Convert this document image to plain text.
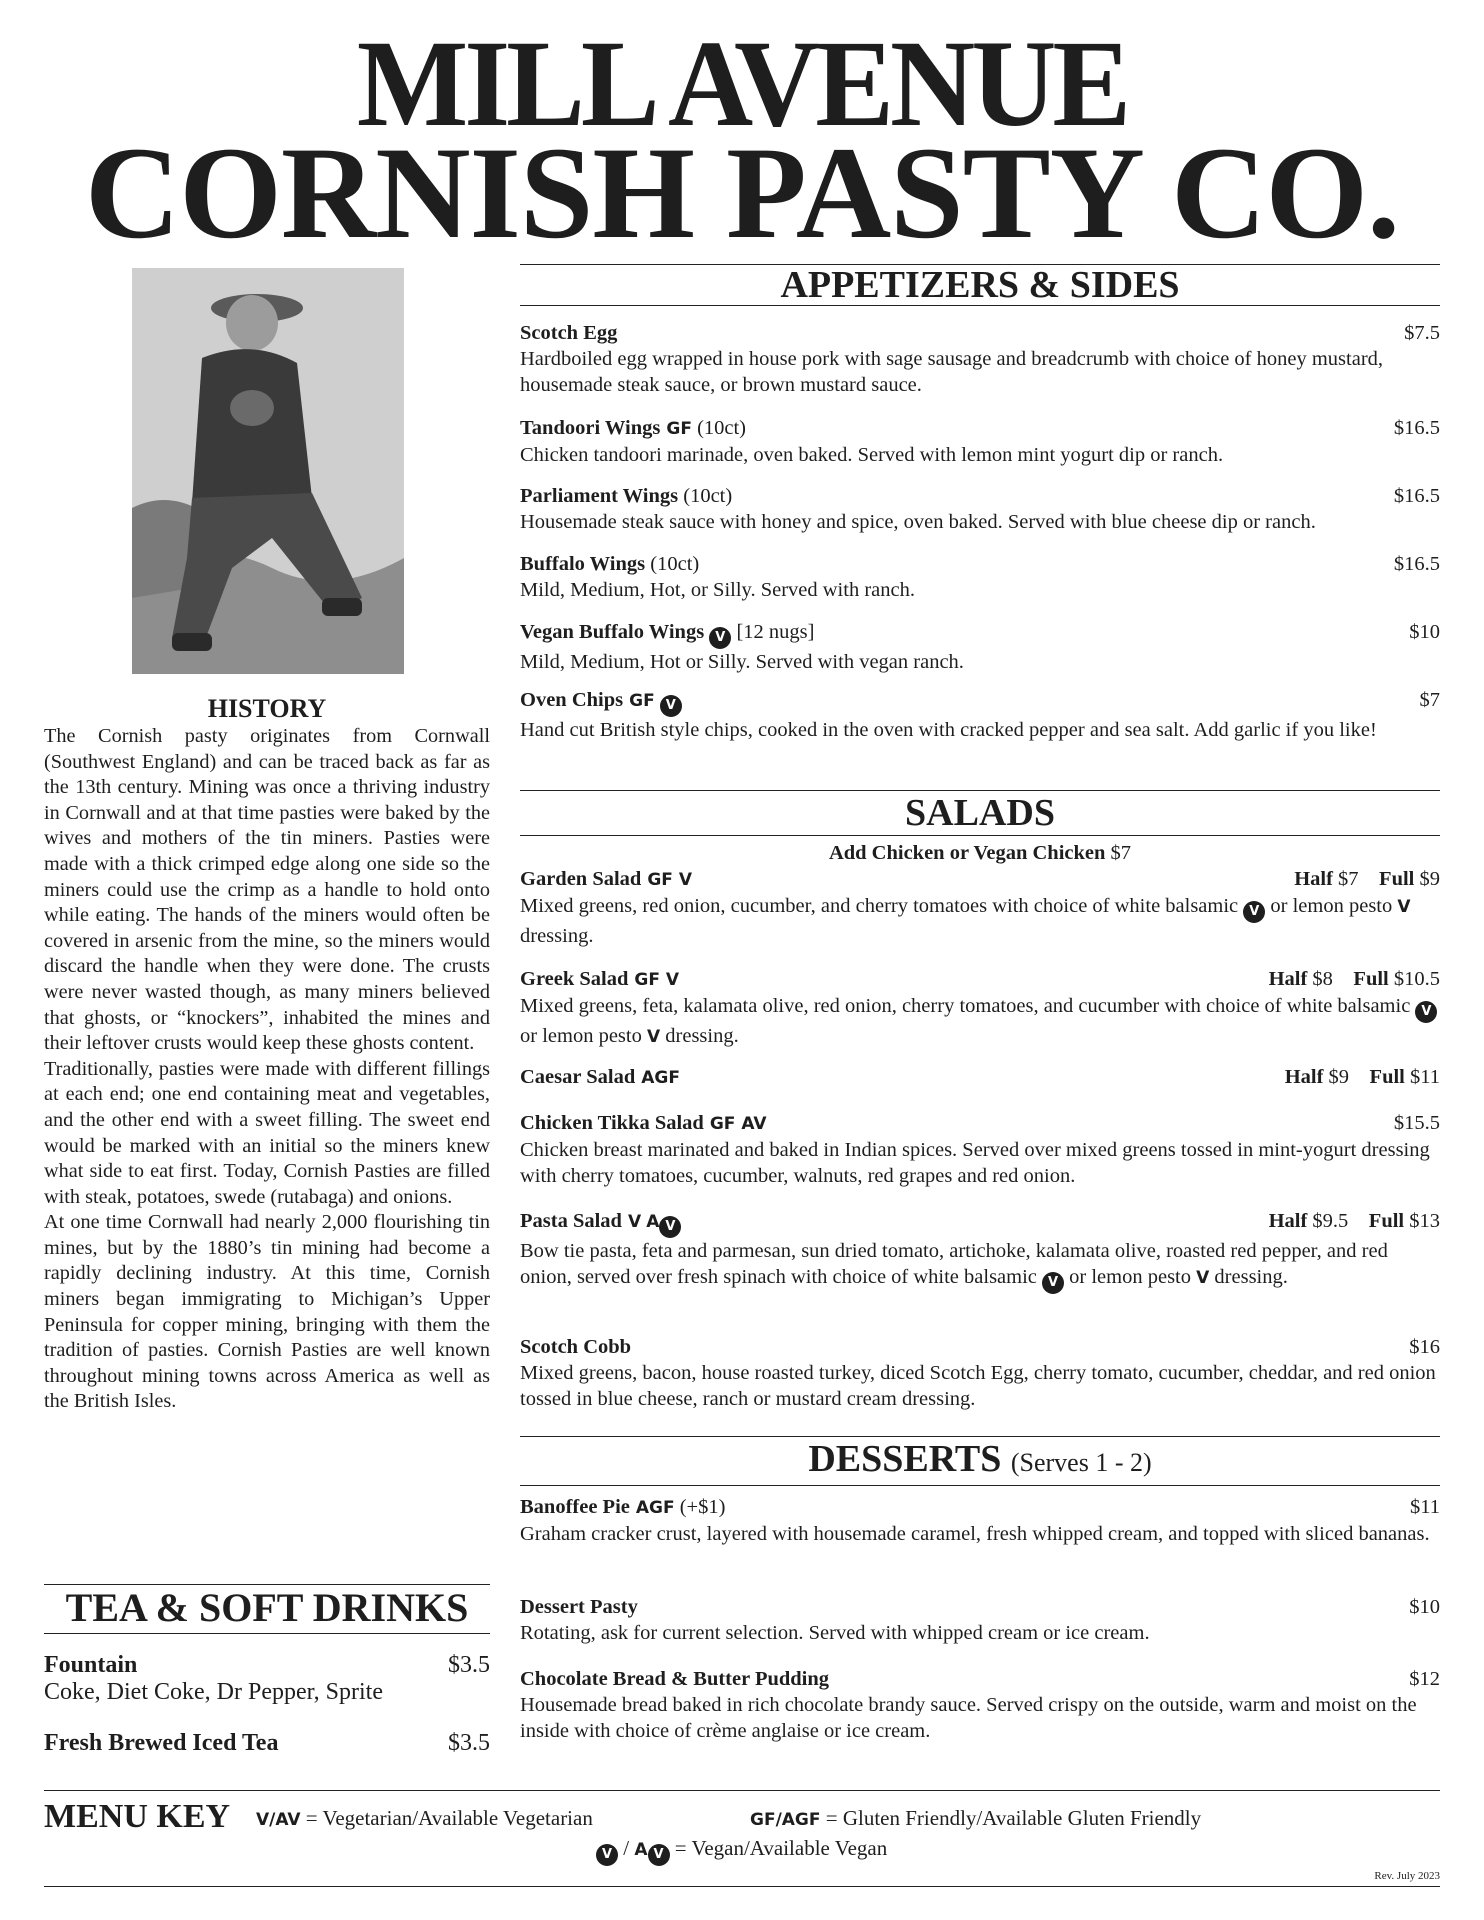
MILL AVENUE
CORNISH PASTY CO.
HISTORY

The Cornish pasty originates from Cornwall (Southwest England) and can be traced back as far as the 13th century. Mining was once a thriving industry in Cornwall and at that time pasties were baked by the wives and mothers of the tin miners. Pasties were made with a thick crimped edge along one side so the miners could use the crimp as a handle to hold onto while eating. The hands of the miners would often be covered in arsenic from the mine, so the miners would discard the handle when they were done. The crusts were never wasted though, as many miners believed that ghosts, or “knockers”, inhabited the mines and their leftover crusts would keep these ghosts content.

Traditionally, pasties were made with different fillings at each end; one end containing meat and vegetables, and the other end with a sweet filling. The sweet end would be marked with an initial so the miners knew what side to eat first. Today, Cornish Pasties are filled with steak, potatoes, swede (rutabaga) and onions.

At one time Cornwall had nearly 2,000 flourishing tin mines, but by the 1880’s tin mining had become a rapidly declining industry. At this time, Cornish miners began immigrating to Michigan’s Upper Peninsula for copper mining, bringing with them the tradition of pasties. Cornish Pasties are well known throughout mining towns across America as well as the British Isles.

TEA & SOFT DRINKS
Fountain	$3.5
Coke, Diet Coke, Dr Pepper, Sprite
Fresh Brewed Iced Tea	$3.5
APPETIZERS & SIDES
Scotch Egg	$7.5
Hardboiled egg wrapped in house pork with sage sausage and breadcrumb with choice of honey mustard, housemade steak sauce, or brown mustard sauce.
Tandoori Wings GF (10ct)	$16.5
Chicken tandoori marinade, oven baked. Served with lemon mint yogurt dip or ranch.
Parliament Wings (10ct)	$16.5
Housemade steak sauce with honey and spice, oven baked. Served with blue cheese dip or ranch.
Buffalo Wings (10ct)	$16.5
Mild, Medium, Hot, or Silly. Served with ranch.
Vegan Buffalo Wings V [12 nugs]	$10
Mild, Medium, Hot or Silly. Served with vegan ranch.
Oven Chips GF V	$7
Hand cut British style chips, cooked in the oven with cracked pepper and sea salt. Add garlic if you like!
SALADS
Add Chicken or Vegan Chicken $7
Garden Salad GF V	Half $7 Full $9
Mixed greens, red onion, cucumber, and cherry tomatoes with choice of white balsamic V or lemon pesto V dressing.
Greek Salad GF V	Half $8 Full $10.5
Mixed greens, feta, kalamata olive, red onion, cherry tomatoes, and cucumber with choice of white balsamic V or lemon pesto V dressing.
Caesar Salad AGF	Half $9 Full $11
Chicken Tikka Salad GF AV	$15.5
Chicken breast marinated and baked in Indian spices. Served over mixed greens tossed in mint-yogurt dressing with cherry tomatoes, cucumber, walnuts, red grapes and red onion.
Pasta Salad V A V	Half $9.5 Full $13
Bow tie pasta, feta and parmesan, sun dried tomato, artichoke, kalamata olive, roasted red pepper, and red onion, served over fresh spinach with choice of white balsamic V or lemon pesto V dressing.
Scotch Cobb	$16
Mixed greens, bacon, house roasted turkey, diced Scotch Egg, cherry tomato, cucumber, cheddar, and red onion tossed in blue cheese, ranch or mustard cream dressing.
DESSERTS (Serves 1 - 2)
Banoffee Pie AGF (+$1)	$11
Graham cracker crust, layered with housemade caramel, fresh whipped cream, and topped with sliced bananas.
Dessert Pasty	$10
Rotating, ask for current selection. Served with whipped cream or ice cream.
Chocolate Bread & Butter Pudding	$12
Housemade bread baked in rich chocolate brandy sauce. Served crispy on the outside, warm and moist on the inside with choice of crème anglaise or ice cream.
MENU KEY V/AV = Vegetarian/Available Vegetarian	GF/AGF = Gluten Friendly/Available Gluten Friendly
V / A V = Vegan/Available Vegan
Rev. July 2023
